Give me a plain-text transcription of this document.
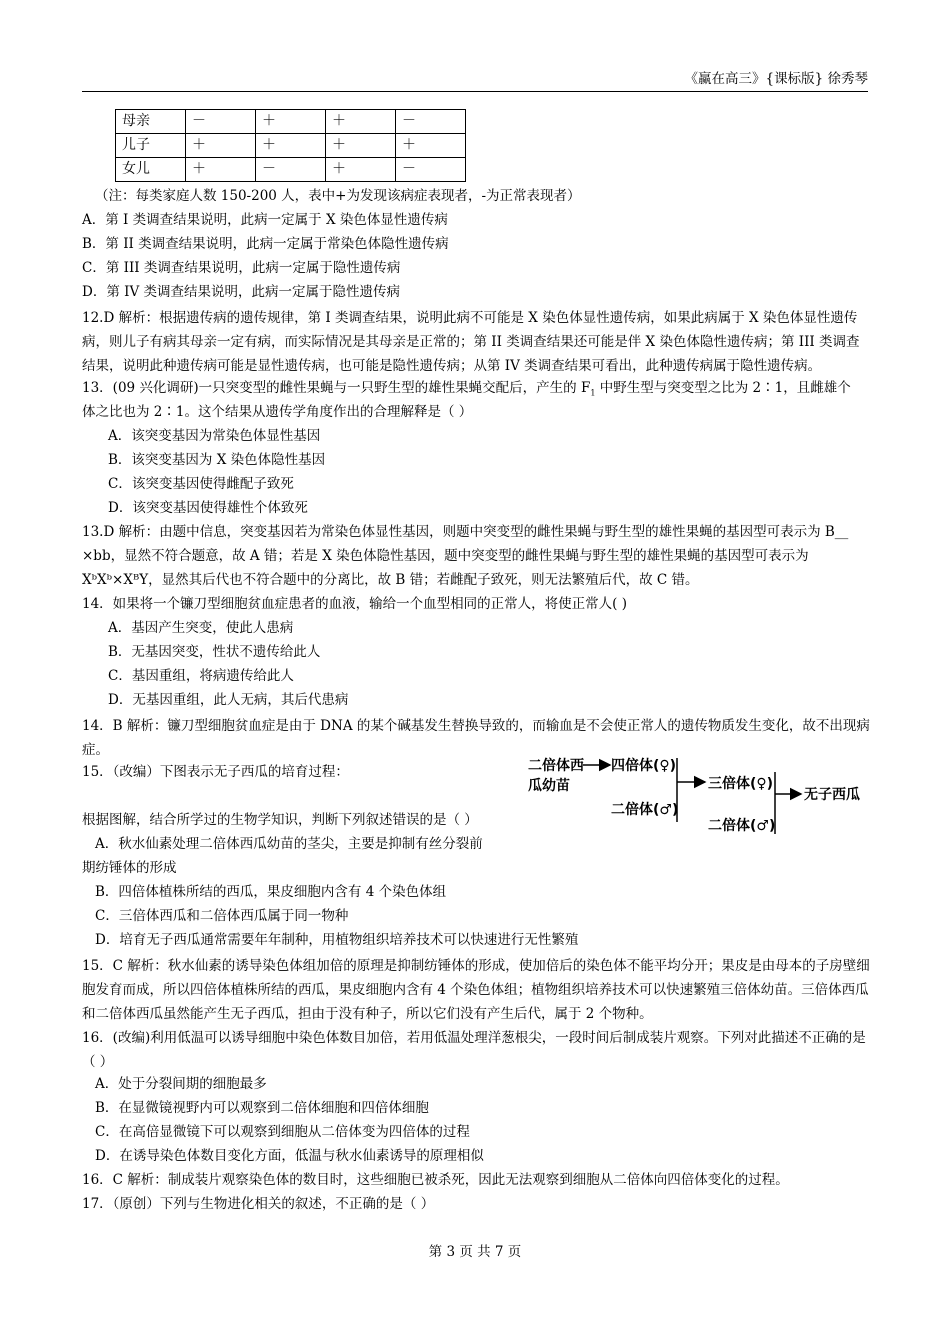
《赢在高三》{课标版} 徐秀琴
母亲	－	＋	＋	－
儿子	＋	＋	＋	＋
女儿	＋	－	＋	－
（注：每类家庭人数 150-200 人，表中+为发现该病症表现者，-为正常表现者）
A．第 I 类调查结果说明，此病一定属于 X 染色体显性遗传病
B．第 II 类调查结果说明，此病一定属于常染色体隐性遗传病
C．第 III 类调查结果说明，此病一定属于隐性遗传病
D．第 IV 类调查结果说明，此病一定属于隐性遗传病
12.D 解析：根据遗传病的遗传规律，第 I 类调查结果，说明此病不可能是 X 染色体显性遗传病，如果此病属于 X 染色体显性遗传病，则儿子有病其母亲一定有病，而实际情况是其母亲是正常的；第 II 类调查结果还可能是伴 X 染色体隐性遗传病；第 III 类调查结果，说明此种遗传病可能是显性遗传病，也可能是隐性遗传病；从第 IV 类调查结果可看出，此种遗传病属于隐性遗传病。
13．(09 兴化调研)一只突变型的雌性果蝇与一只野生型的雄性果蝇交配后，产生的 $F_1$ 中野生型与突变型之比为 2∶1，且雌雄个
体之比也为 2∶1。这个结果从遗传学角度作出的合理解释是（ ）
A．该突变基因为常染色体显性基因
B．该突变基因为 X 染色体隐性基因
C．该突变基因使得雌配子致死
D．该突变基因使得雄性个体致死
13.D 解析：由题中信息，突变基因若为常染色体显性基因，则题中突变型的雌性果蝇与野生型的雄性果蝇的基因型可表示为 B__
×bb，显然不符合题意，故 A 错；若是 X 染色体隐性基因，题中突变型的雌性果蝇与野生型的雄性果蝇的基因型可表示为
XᵇXᵇ×XᴮY，显然其后代也不符合题中的分离比，故 B 错；若雌配子致死，则无法繁殖后代，故 C 错。
14．如果将一个镰刀型细胞贫血症患者的血液，输给一个血型相同的正常人，将使正常人( )
A．基因产生突变，使此人患病
B．无基因突变，性状不遗传给此人
C．基因重组，将病遗传给此人
D．无基因重组，此人无病，其后代患病
14．B 解析：镰刀型细胞贫血症是由于 DNA 的某个碱基发生替换导致的，而输血是不会使正常人的遗传物质发生变化，故不出现病症。
15．（改编）下图表示无子西瓜的培育过程：	二倍体西
瓜幼苗
四倍体(♀)
二倍体(♂)
三倍体(♀)
二倍体(♂)
无子西瓜
根据图解，结合所学过的生物学知识，判断下列叙述错误的是（ ）
A．秋水仙素处理二倍体西瓜幼苗的茎尖，主要是抑制有丝分裂前
期纺锤体的形成
B．四倍体植株所结的西瓜，果皮细胞内含有 4 个染色体组
C．三倍体西瓜和二倍体西瓜属于同一物种
D．培育无子西瓜通常需要年年制种，用植物组织培养技术可以快速进行无性繁殖
15．C 解析：秋水仙素的诱导染色体组加倍的原理是抑制纺锤体的形成，使加倍后的染色体不能平均分开；果皮是由母本的子房壁细胞发育而成，所以四倍体植株所结的西瓜，果皮细胞内含有 4 个染色体组；植物组织培养技术可以快速繁殖三倍体幼苗。三倍体西瓜和二倍体西瓜虽然能产生无子西瓜，担由于没有种子，所以它们没有产生后代，属于 2 个物种。
16．(改编)利用低温可以诱导细胞中染色体数目加倍，若用低温处理洋葱根尖，一段时间后制成装片观察。下列对此描述不正确的是（ ）
A．处于分裂间期的细胞最多
B．在显微镜视野内可以观察到二倍体细胞和四倍体细胞
C．在高倍显微镜下可以观察到细胞从二倍体变为四倍体的过程
D．在诱导染色体数目变化方面，低温与秋水仙素诱导的原理相似
16．C 解析：制成装片观察染色体的数目时，这些细胞已被杀死，因此无法观察到细胞从二倍体向四倍体变化的过程。
17．（原创）下列与生物进化相关的叙述，不正确的是（ ）
第 3 页 共 7 页
